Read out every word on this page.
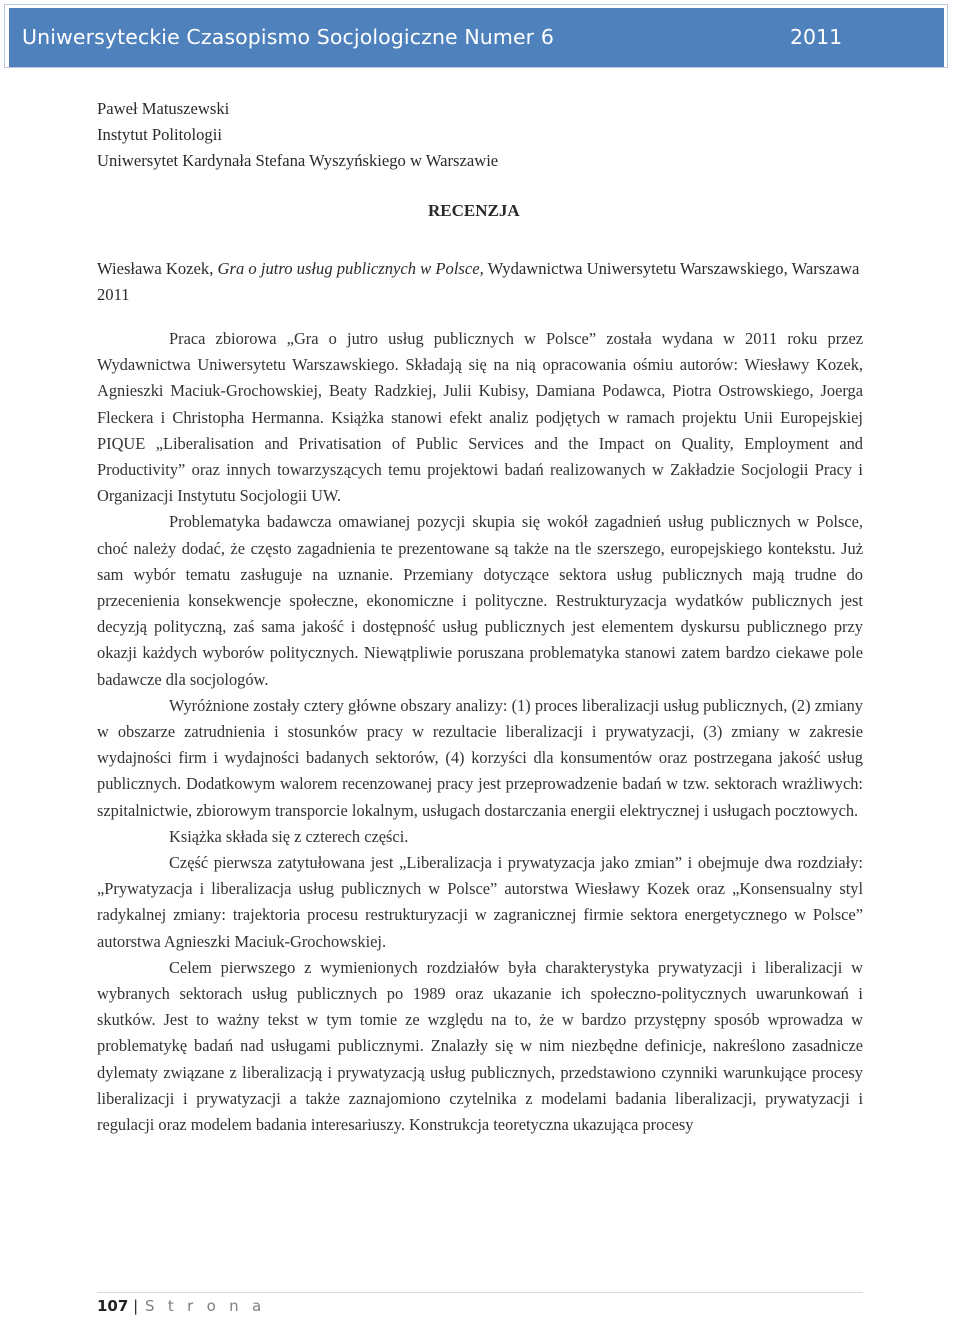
Uniwersyteckie Czasopismo Socjologiczne Numer 6	2011
Paweł Matuszewski
Instytut Politologii
Uniwersytet Kardynała Stefana Wyszyńskiego w Warszawie
RECENZJA
Wiesława Kozek, Gra o jutro usług publicznych w Polsce, Wydawnictwa Uniwersytetu Warszawskiego, Warszawa 2011

Praca zbiorowa „Gra o jutro usług publicznych w Polsce” została wydana w 2011 roku przez Wydawnictwa Uniwersytetu Warszawskiego. Składają się na nią opracowania ośmiu autorów: Wiesławy Kozek, Agnieszki Maciuk-Grochowskiej, Beaty Radzkiej, Julii Kubisy, Damiana Podawca, Piotra Ostrowskiego, Joerga Fleckera i Christopha Hermanna. Książka stanowi efekt analiz podjętych w ramach projektu Unii Europejskiej PIQUE „Liberalisation and Privatisation of Public Services and the Impact on Quality, Employment and Productivity” oraz innych towarzyszących temu projektowi badań realizowanych w Zakładzie Socjologii Pracy i Organizacji Instytutu Socjologii UW.

Problematyka badawcza omawianej pozycji skupia się wokół zagadnień usług publicznych w Polsce, choć należy dodać, że często zagadnienia te prezentowane są także na tle szerszego, europejskiego kontekstu. Już sam wybór tematu zasługuje na uznanie. Przemiany dotyczące sektora usług publicznych mają trudne do przecenienia konsekwencje społeczne, ekonomiczne i polityczne. Restrukturyzacja wydatków publicznych jest decyzją polityczną, zaś sama jakość i dostępność usług publicznych jest elementem dyskursu publicznego przy okazji każdych wyborów politycznych. Niewątpliwie poruszana problematyka stanowi zatem bardzo ciekawe pole badawcze dla socjologów.

Wyróżnione zostały cztery główne obszary analizy: (1) proces liberalizacji usług publicznych, (2) zmiany w obszarze zatrudnienia i stosunków pracy w rezultacie liberalizacji i prywatyzacji, (3) zmiany w zakresie wydajności firm i wydajności badanych sektorów, (4) korzyści dla konsumentów oraz postrzegana jakość usług publicznych. Dodatkowym walorem recenzowanej pracy jest przeprowadzenie badań w tzw. sektorach wrażliwych: szpitalnictwie, zbiorowym transporcie lokalnym, usługach dostarczania energii elektrycznej i usługach pocztowych.

Książka składa się z czterech części.

Część pierwsza zatytułowana jest „Liberalizacja i prywatyzacja jako zmian” i obejmuje dwa rozdziały: „Prywatyzacja i liberalizacja usług publicznych w Polsce” autorstwa Wiesławy Kozek oraz „Konsensualny styl radykalnej zmiany: trajektoria procesu restrukturyzacji w zagranicznej firmie sektora energetycznego w Polsce” autorstwa Agnieszki Maciuk-Grochowskiej.

Celem pierwszego z wymienionych rozdziałów była charakterystyka prywatyzacji i liberalizacji w wybranych sektorach usług publicznych po 1989 oraz ukazanie ich społeczno-politycznych uwarunkowań i skutków. Jest to ważny tekst w tym tomie ze względu na to, że w bardzo przystępny sposób wprowadza w problematykę badań nad usługami publicznymi. Znalazły się w nim niezbędne definicje, nakreślono zasadnicze dylematy związane z liberalizacją i prywatyzacją usług publicznych, przedstawiono czynniki warunkujące procesy liberalizacji i prywatyzacji a także zaznajomiono czytelnika z modelami badania liberalizacji, prywatyzacji i regulacji oraz modelem badania interesariuszy. Konstrukcja teoretyczna ukazująca procesy

107 | S t r o n a
